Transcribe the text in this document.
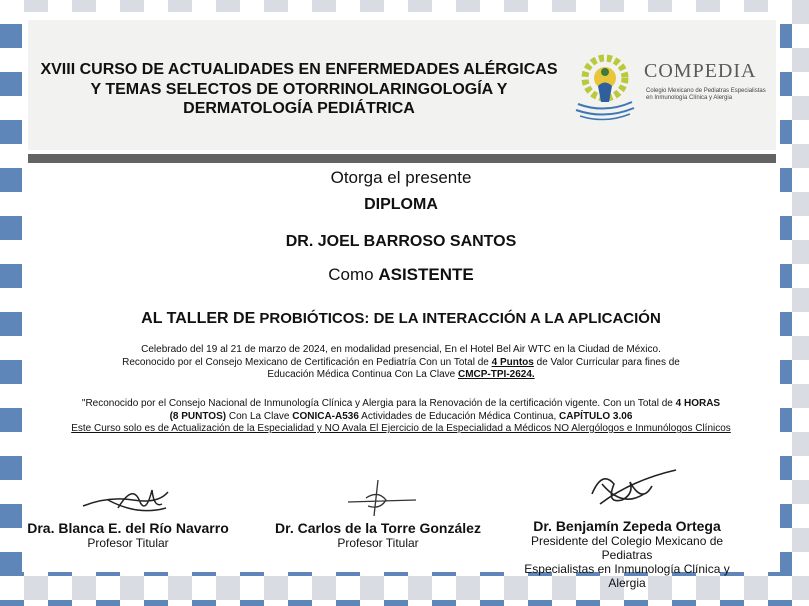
XVIII CURSO DE ACTUALIDADES EN ENFERMEDADES ALÉRGICAS
Y TEMAS SELECTOS DE OTORRINOLARINGOLOGÍA Y
DERMATOLOGÍA PEDIÁTRICA
COMPEDIA
Colegio Mexicano de Pediatras Especialistas
en Inmunología Clínica y Alergia
Otorga el presente
DIPLOMA
DR. JOEL BARROSO SANTOS
Como ASISTENTE
AL TALLER DE PROBIÓTICOS: DE LA INTERACCIÓN A LA APLICACIÓN
Celebrado del 19 al 21 de marzo de 2024, en modalidad presencial, En el Hotel Bel Air WTC en la Ciudad de México.
Reconocido por el Consejo Mexicano de Certificación en Pediatría Con un Total de 4 Puntos de Valor Curricular para fines de
Educación Médica Continua Con La Clave CMCP-TPI-2624.
"Reconocido por el Consejo Nacional de Inmunología Clínica y Alergia para la Renovación de la certificación vigente. Con un Total de 4 HORAS
(8 PUNTOS) Con La Clave CONICA-A536 Actividades de Educación Médica Continua, CAPÍTULO 3.06
Este Curso solo es de Actualización de la Especialidad y NO Avala El Ejercicio de la Especialidad a Médicos NO Alergólogos e Inmunólogos Clínicos
Dra. Blanca E. del Río Navarro
Profesor Titular
Dr. Carlos de la Torre González
Profesor Titular
Dr. Benjamín Zepeda Ortega
Presidente del Colegio Mexicano de Pediatras
Especialistas en Inmunología Clínica y Alergia
